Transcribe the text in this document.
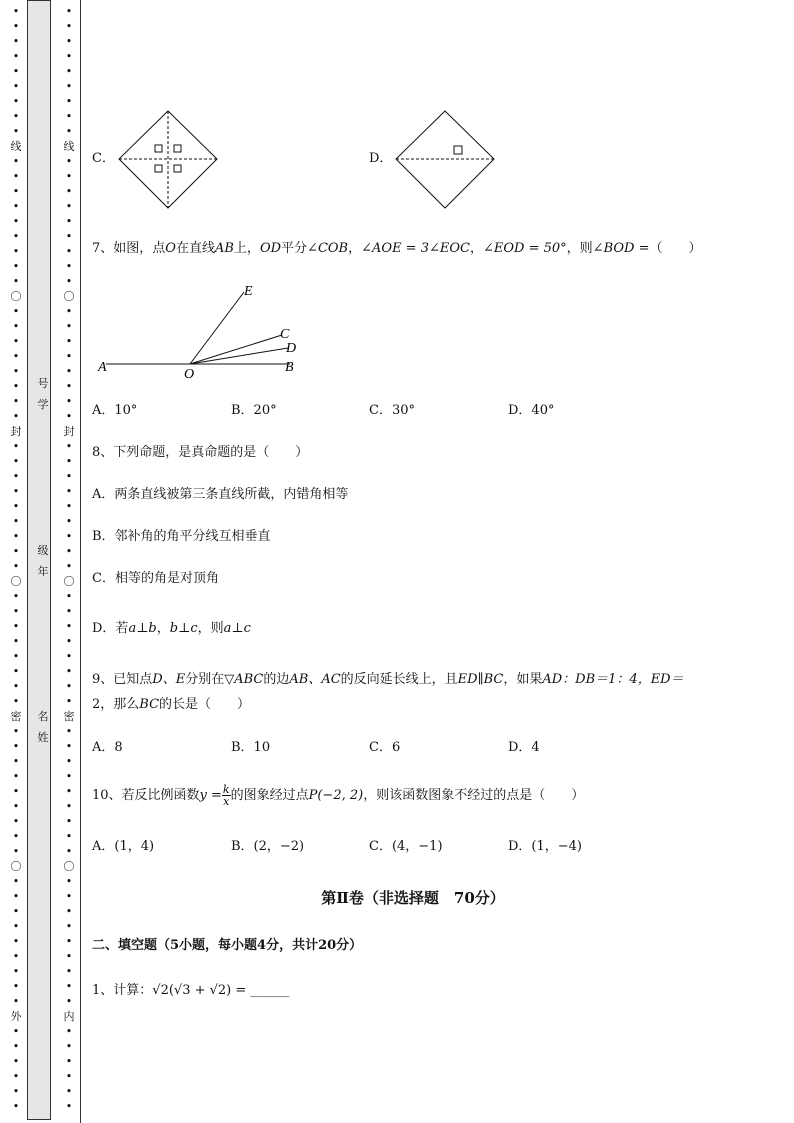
•
•
•
•
•
•
•
•
•
线
•
•
•
•
•
•
•
•
•
〇
•
•
•
•
•
•
•
•
封
•
•
•
•
•
•
•
•
•
〇
•
•
•
•
•
•
•
•
密
•
•
•
•
•
•
•
•
•
〇
•
•
•
•
•
•
•
•
•
外
•
•
•
•
•
•
•
•
•
•
•
•
•
•
•
线
•
•
•
•
•
•
•
•
•
〇
•
•
•
•
•
•
•
•
封
•
•
•
•
•
•
•
•
•
〇
•
•
•
•
•
•
•
•
密
•
•
•
•
•
•
•
•
•
〇
•
•
•
•
•
•
•
•
•
内
•
•
•
•
•
•
号
学
级
年
名
姓
C．	D．
7、如图，点O在直线AB上，OD平分∠COB，∠AOE = 3∠EOC，∠EOD = 50°，则∠BOD =（　　）
A	O	B
E
C
D
A．10°	B．20°	C．30°	D．40°
8、下列命题，是真命题的是（　　）
A．两条直线被第三条直线所截，内错角相等
B．邻补角的角平分线互相垂直
C．相等的角是对顶角
D．若a⊥b，b⊥c，则a⊥c
9、已知点D、E分别在▽ABC的边AB、AC的反向延长线上，且ED∥BC，如果AD：DB＝1：4，ED＝
2，那么BC的长是（　　）
A．8	B．10	C．6	D．4
10、若反比例函数$y = \frac{k}{x}$ 的图象经过点P(−2, 2)，则该函数图象不经过的点是（　　）
A．(1，4)	B．(2，−2)	C．(4，−1)	D．(1，−4)
第Ⅱ卷（非选择题　70分）
二、填空题（5小题，每小题4分，共计20分）
1、计算：√2(√3 + √2) = ______
